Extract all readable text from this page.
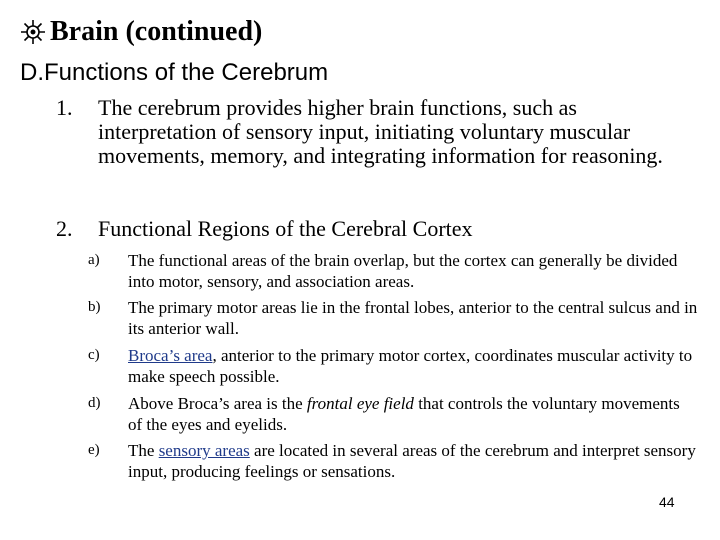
Brain (continued)
D.Functions of the Cerebrum
1. The cerebrum provides higher brain functions, such as interpretation of sensory input, initiating voluntary muscular movements, memory, and integrating information for reasoning.
2. Functional Regions of the Cerebral Cortex
a) The functional areas of the brain overlap, but the cortex can generally be divided into motor, sensory, and association areas.
b) The primary motor areas lie in the frontal lobes, anterior to the central sulcus and in its anterior wall.
c) Broca’s area, anterior to the primary motor cortex, coordinates muscular activity to make speech possible.
d) Above Broca’s area is the frontal eye field that controls the voluntary movements of the eyes and eyelids.
e) The sensory areas are located in several areas of the cerebrum and interpret sensory input, producing feelings or sensations.
44
